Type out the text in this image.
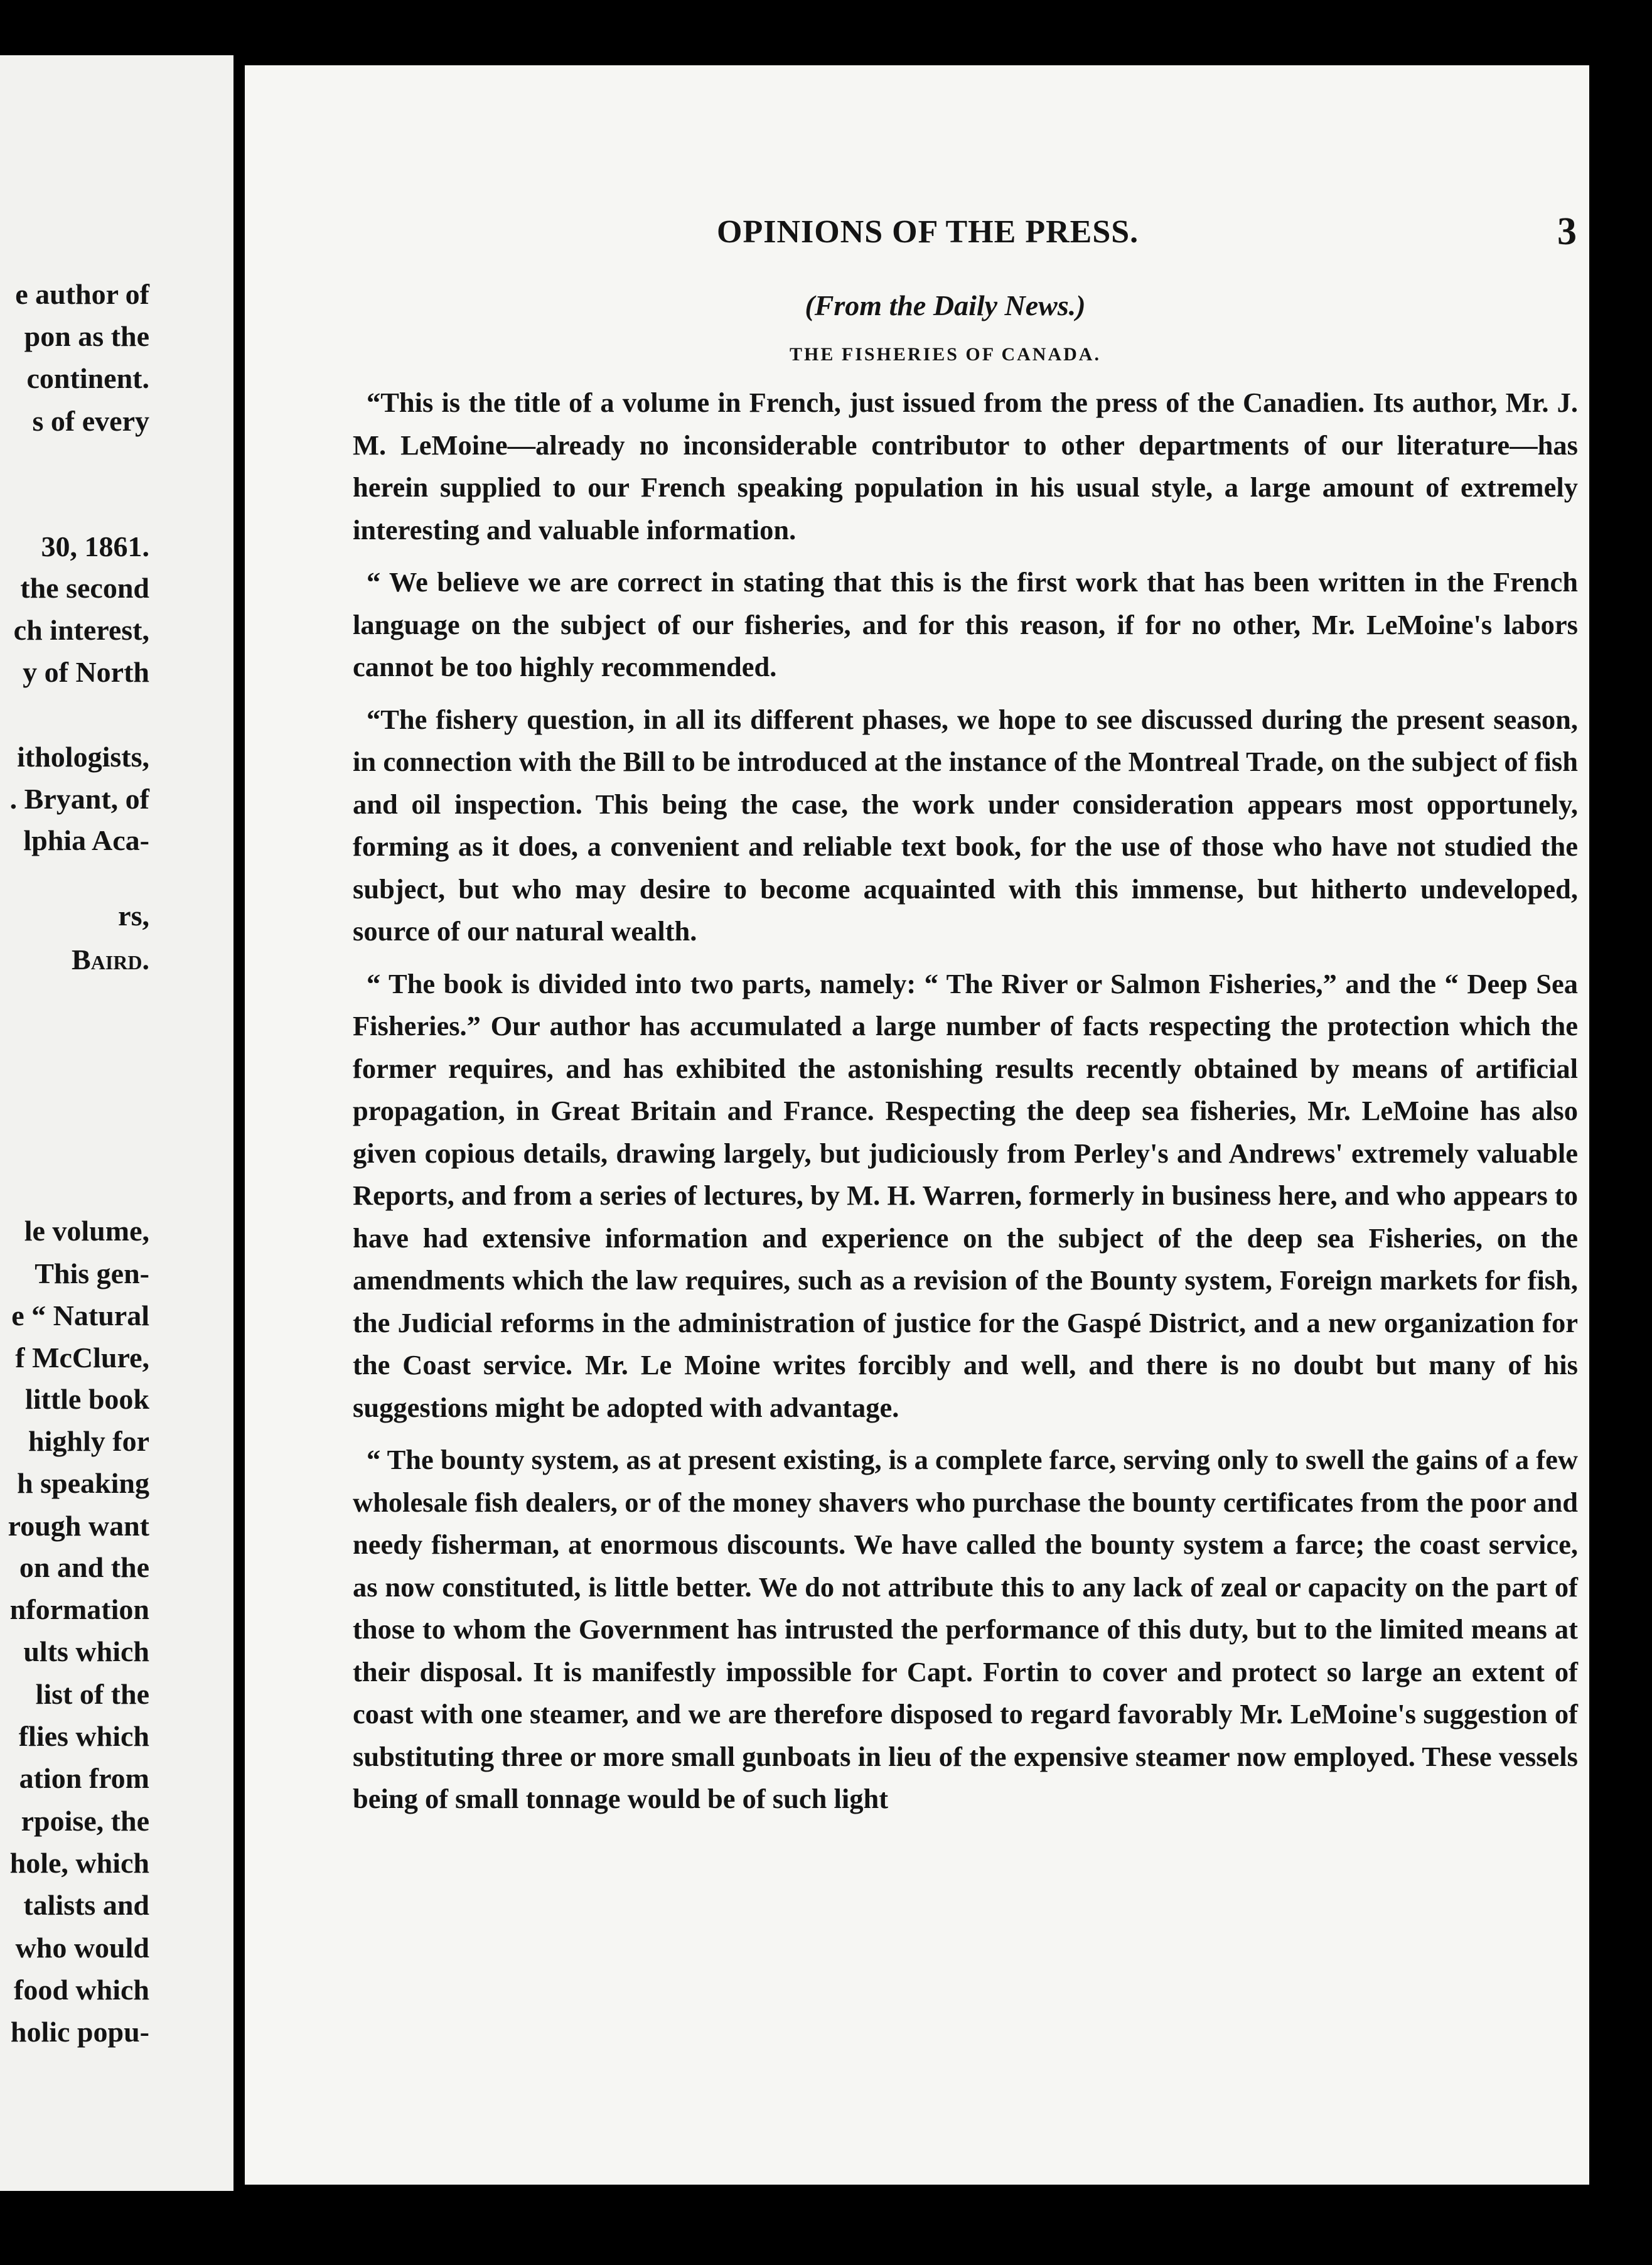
e author of
pon as the
continent.
s of every
30, 1861.
the second
ch interest,
y of North
ithologists,
. Bryant, of
lphia Aca-
rs,
Baird.
le volume,
This gen-
e “ Natural
f McClure,
little book
highly for
h speaking
rough want
on and the
nformation
ults which
list of the
flies which
ation from
rpoise, the
hole, which
talists and
who would
food which
holic popu-
OPINIONS OF THE PRESS.	3
(From the Daily News.)
THE FISHERIES OF CANADA.

“This is the title of a volume in French, just issued from the press of the Canadien. Its author, Mr. J. M. LeMoine—already no inconsiderable contributor to other departments of our literature—has herein supplied to our French speaking population in his usual style, a large amount of extremely interesting and valuable information.

“ We believe we are correct in stating that this is the first work that has been written in the French language on the subject of our fisheries, and for this reason, if for no other, Mr. LeMoine's labors cannot be too highly recommended.

“The fishery question, in all its different phases, we hope to see discussed during the present season, in connection with the Bill to be introduced at the instance of the Montreal Trade, on the subject of fish and oil inspection. This being the case, the work under consideration appears most opportunely, forming as it does, a convenient and reliable text book, for the use of those who have not studied the subject, but who may desire to become acquainted with this immense, but hitherto undeveloped, source of our natural wealth.

“ The book is divided into two parts, namely: “ The River or Salmon Fisheries,” and the “ Deep Sea Fisheries.” Our author has accumulated a large number of facts respecting the protection which the former requires, and has exhibited the astonishing results recently obtained by means of artificial propagation, in Great Britain and France. Respecting the deep sea fisheries, Mr. LeMoine has also given copious details, drawing largely, but judiciously from Perley's and Andrews' extremely valuable Reports, and from a series of lectures, by M. H. Warren, formerly in business here, and who appears to have had extensive information and experience on the subject of the deep sea Fisheries, on the amendments which the law requires, such as a revision of the Bounty system, Foreign markets for fish, the Judicial reforms in the administration of justice for the Gaspé District, and a new organization for the Coast service. Mr. Le Moine writes forcibly and well, and there is no doubt but many of his suggestions might be adopted with advantage.

“ The bounty system, as at present existing, is a complete farce, serving only to swell the gains of a few wholesale fish dealers, or of the money shavers who purchase the bounty certificates from the poor and needy fisherman, at enormous discounts. We have called the bounty system a farce; the coast service, as now constituted, is little better. We do not attribute this to any lack of zeal or capacity on the part of those to whom the Government has intrusted the performance of this duty, but to the limited means at their disposal. It is manifestly impossible for Capt. Fortin to cover and protect so large an extent of coast with one steamer, and we are therefore disposed to regard favorably Mr. LeMoine's suggestion of substituting three or more small gunboats in lieu of the expensive steamer now employed. These vessels being of small tonnage would be of such light
